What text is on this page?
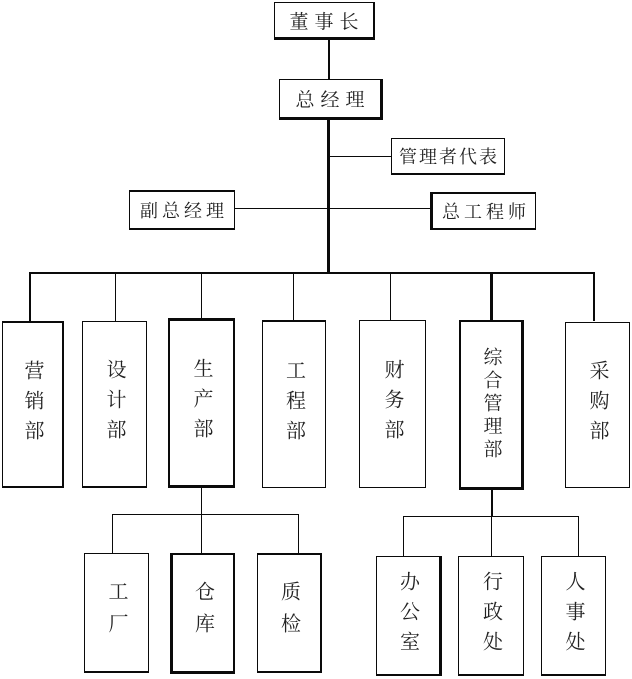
董事长
总经理
管理者代表
副总经理	总工程师
营销部	设计部	生产部	工程部	财务部	综合管理部	采购部
工厂	仓库	质检	办公室	行政处	人事处
